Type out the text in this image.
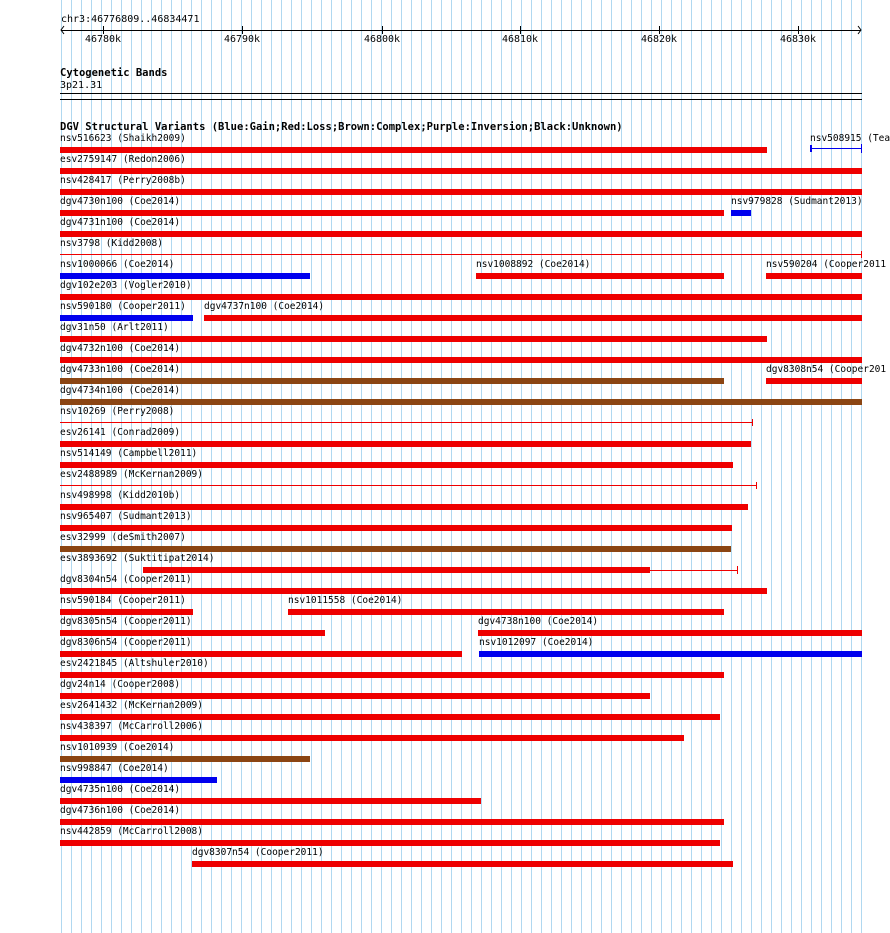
chr3:46776809..46834471
46780k	46790k	46800k	46810k	46820k	46830k
Cytogenetic Bands
3p21.31
DGV Structural Variants (Blue:Gain;Red:Loss;Brown:Complex;Purple:Inversion;Black:Unknown)
nsv516623 (Shaikh2009)	nsv508915 (Tea
esv2759147 (Redon2006)
nsv428417 (Perry2008b)
dgv4730n100 (Coe2014)	nsv979828 (Sudmant2013)
dgv4731n100 (Coe2014)
nsv3798 (Kidd2008)
nsv1000066 (Coe2014)	nsv1008892 (Coe2014)	nsv590204 (Cooper2011
dgv102e203 (Vogler2010)
nsv590180 (Cooper2011) dgv4737n100 (Coe2014)
dgv31n50 (Arlt2011)
dgv4732n100 (Coe2014)
dgv4733n100 (Coe2014)	dgv8308n54 (Cooper201
dgv4734n100 (Coe2014)
nsv10269 (Perry2008)
esv26141 (Conrad2009)
nsv514149 (Campbell2011)
esv2488989 (McKernan2009)
nsv498998 (Kidd2010b)
nsv965407 (Sudmant2013)
esv32999 (deSmith2007)
esv3893692 (Suktitipat2014)
dgv8304n54 (Cooper2011)
nsv590184 (Cooper2011)	nsv1011558 (Coe2014)
dgv8305n54 (Cooper2011)	dgv4738n100 (Coe2014)
dgv8306n54 (Cooper2011)	nsv1012097 (Coe2014)
esv2421845 (Altshuler2010)
dgv24n14 (Cooper2008)
esv2641432 (McKernan2009)
nsv438397 (McCarroll2006)
nsv1010939 (Coe2014)
nsv998847 (Coe2014)
dgv4735n100 (Coe2014)
dgv4736n100 (Coe2014)
nsv442859 (McCarroll2008)
dgv8307n54 (Cooper2011)
